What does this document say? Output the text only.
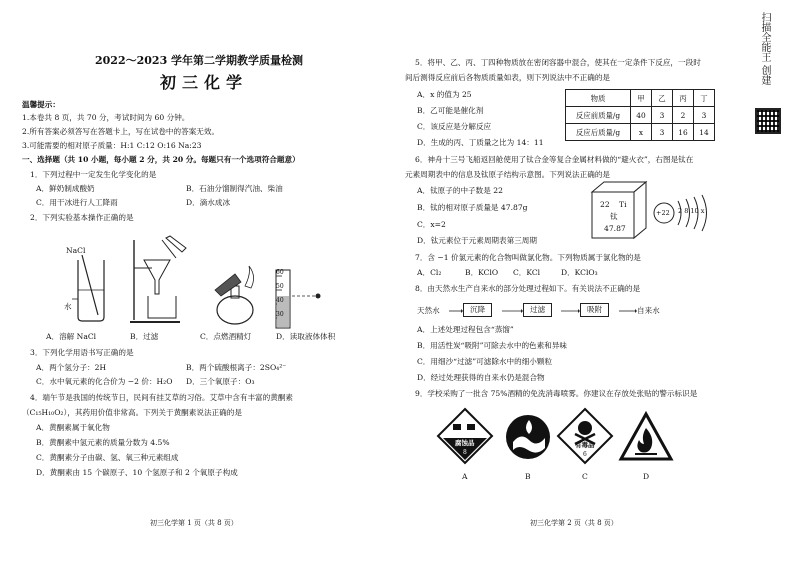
2022～2023 学年第二学期教学质量检测
初三化学
温馨提示：
1.本卷共 8 页，共 70 分，考试时间为 60 分钟。
2.所有答案必须答写在答题卡上，写在试卷中的答案无效。
3.可能需要的相对原子质量：H:1 C:12 O:16 Na:23
一、选择题（共 10 小题，每小题 2 分，共 20 分。每题只有一个选项符合题意）
1．下列过程中一定发生化学变化的是
A．鲜奶制成酸奶	B．石油分馏制得汽油、柴油
C．用干冰进行人工降雨	D．滴水成冰
2．下列实验基本操作正确的是
NaCl
水
60
50
40
30
A．溶解 NaCl	B．过滤	C．点燃酒精灯	D．读取液体体积
3．下列化学用语书写正确的是
A．两个氢分子：2H	B．两个硫酸根离子：2SO₄²⁻
C．水中氧元素的化合价为 −2 价：H₂O D．三个氧原子：O₃
4．端午节是我国的传统节日，民间有挂艾草的习俗。艾草中含有丰富的黄酮素
（C₁₅H₁₀O₂），其药用价值非常高。下列关于黄酮素说法正确的是
A．黄酮素属于氧化物
B．黄酮素中氢元素的质量分数为 4.5%
C．黄酮素分子由碳、氢、氧三种元素组成
D．黄酮素由 15 个碳原子、10 个氢原子和 2 个氧原子构成
初三化学第 1 页（共 8 页）
5．将甲、乙、丙、丁四种物质放在密闭容器中混合，使其在一定条件下反应，一段时
间后测得反应前后各物质质量如表，则下列说法中不正确的是
A．x 的值为 25
B．乙可能是催化剂
C．该反应是分解反应
D．生成的丙、丁质量之比为 14：11
物质	甲	乙	丙	丁
反应前质量/g	40	3	2	3
反应后质量/g	x	3	16	14
6．神舟十三号飞船返回舱使用了钛合金等复合金属材料做的“避火衣”，右图是钛在
元素周期表中的信息及钛原子结构示意图。下列说法正确的是
A．钛原子的中子数是 22
B．钛的相对原子质量是 47.87g
C．x=2
D．钛元素位于元素周期表第三周期
22 Ti
钛
47.87
+22 2 8 10 x
7．含 −1 价氯元素的化合物叫做氯化物。下列物质属于氯化物的是
A．Cl₂	B．KClO C．KCl	D．KClO₃
8．由天然水生产自来水的部分处理过程如下。有关说法不正确的是
天然水	沉降	过滤	吸附	自来水
A．上述处理过程包含“蒸馏”
B．用活性炭“吸附”可除去水中的色素和异味
C．用细沙“过滤”可滤除水中的细小颗粒
D．经过处理获得的自来水仍是混合物
9．学校采购了一批含 75%酒精的免洗消毒喷雾。你建议在存放处张贴的警示标识是
腐蚀品
8
有毒品
6
A	B	C	D
初三化学第 2 页（共 8 页）
扫描全能王 创建
